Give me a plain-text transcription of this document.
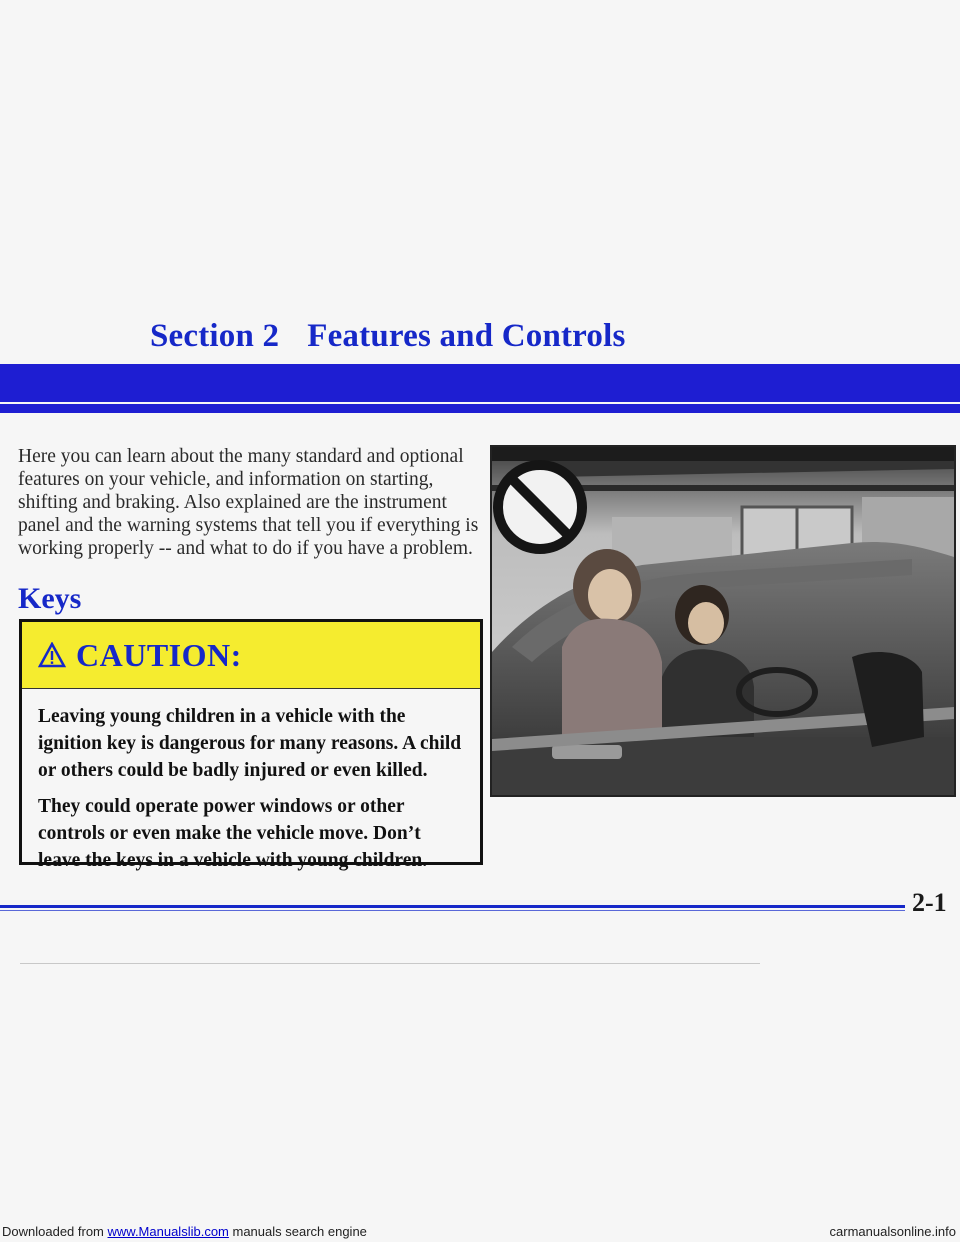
Section 2 Features and Controls

Here you can learn about the many standard and optional features on your vehicle, and information on starting, shifting and braking. Also explained are the instrument panel and the warning systems that tell you if everything is working properly -- and what to do if you have a problem.

Keys
CAUTION:

Leaving young children in a vehicle with the ignition key is dangerous for many reasons. A child or others could be badly injured or even killed.

They could operate power windows or other controls or even make the vehicle move. Don’t leave the keys in a vehicle with young children.

2-1
Downloaded from www.Manualslib.com manuals search engine	carmanualsonline.info
